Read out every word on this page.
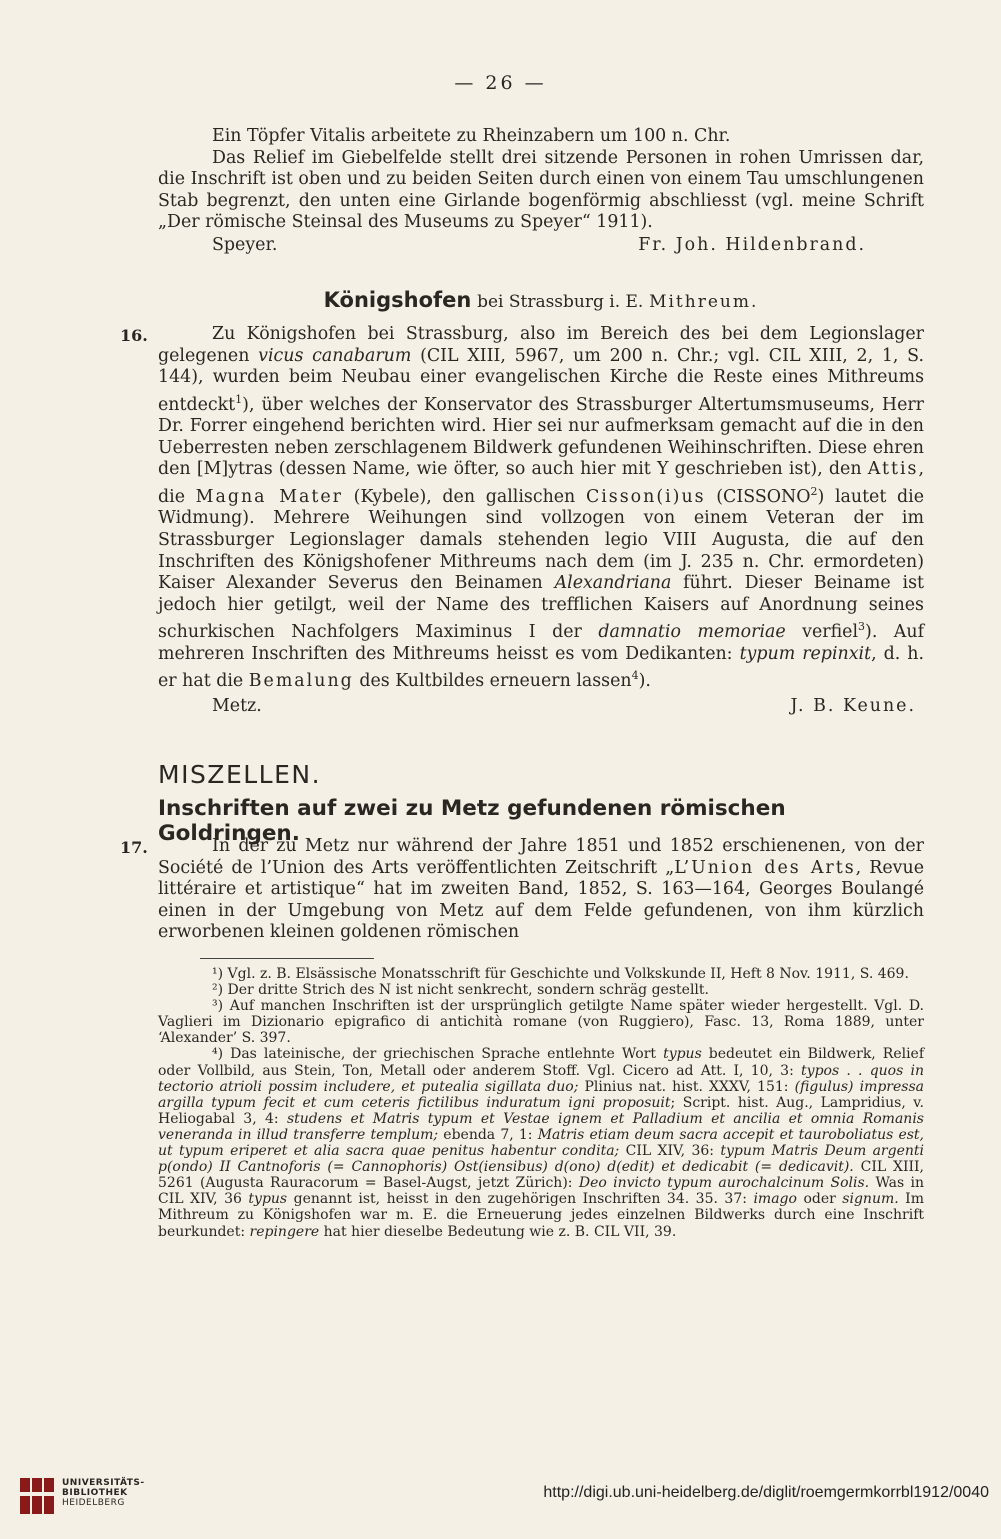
— 26 —

Ein Töpfer Vitalis arbeitete zu Rheinzabern um 100 n. Chr.

Das Relief im Giebelfelde stellt drei sitzende Personen in rohen Umrissen dar, die Inschrift ist oben und zu beiden Seiten durch einen von einem Tau umschlungenen Stab begrenzt, den unten eine Girlande bogenförmig abschliesst (vgl. meine Schrift „Der römische Steinsal des Museums zu Speyer“ 1911).

Speyer.	Fr. Joh. Hildenbrand.

Königshofen bei Strassburg i. E. Mithreum.

16.	Zu Königshofen bei Strassburg, also im Bereich des bei dem Legionslager gelegenen vicus canabarum (CIL XIII, 5967, um 200 n. Chr.; vgl. CIL XIII, 2, 1, S. 144), wurden beim Neubau einer evangelischen Kirche die Reste eines Mithreums entdeckt$^1$), über welches der Konservator des Strassburger Altertumsmuseums, Herr Dr. Forrer eingehend berichten wird. Hier sei nur aufmerksam gemacht auf die in den Ueberresten neben zerschlagenem Bildwerk gefundenen Weihinschriften. Diese ehren den [M]ytras (dessen Name, wie öfter, so auch hier mit Y geschrieben ist), den Attis, die Magna Mater (Kybele), den gallischen Cisson(i)us (CISSONO$^2$) lautet die Widmung). Mehrere Weihungen sind vollzogen von einem Veteran der im Strassburger Legionslager damals stehenden legio VIII Augusta, die auf den Inschriften des Königshofener Mithreums nach dem (im J. 235 n. Chr. ermordeten) Kaiser Alexander Severus den Beinamen Alexandriana führt. Dieser Beiname ist jedoch hier getilgt, weil der Name des trefflichen Kaisers auf Anordnung seines schurkischen Nachfolgers Maximinus I der damnatio memoriae verfiel$^3$). Auf mehreren Inschriften des Mithreums heisst es vom Dedikanten: typum repinxit, d. h. er hat die Bemalung des Kultbildes erneuern lassen$^4$).

Metz.	J. B. Keune.
MISZELLEN.
Inschriften auf zwei zu Metz gefundenen römischen Goldringen.
17.	In der zu Metz nur während der Jahre 1851 und 1852 erschienenen, von der Société de l’Union des Arts veröffentlichten Zeitschrift „L’Union des Arts, Revue littéraire et artistique“ hat im zweiten Band, 1852, S. 163—164, Georges Boulangé einen in der Umgebung von Metz auf dem Felde gefundenen, von ihm kürzlich erworbenen kleinen goldenen römischen

¹) Vgl. z. B. Elsässische Monatsschrift für Geschichte und Volkskunde II, Heft 8 Nov. 1911, S. 469.

²) Der dritte Strich des N ist nicht senkrecht, sondern schräg gestellt.

³) Auf manchen Inschriften ist der ursprünglich getilgte Name später wieder hergestellt. Vgl. D. Vaglieri im Dizionario epigrafico di antichità romane (von Ruggiero), Fasc. 13, Roma 1889, unter ‘Alexander’ S. 397.

⁴) Das lateinische, der griechischen Sprache entlehnte Wort typus bedeutet ein Bildwerk, Relief oder Vollbild, aus Stein, Ton, Metall oder anderem Stoff. Vgl. Cicero ad Att. I, 10, 3: typos . . quos in tectorio atrioli possim includere, et putealia sigillata duo; Plinius nat. hist. XXXV, 151: (figulus) impressa argilla typum fecit et cum ceteris fictilibus induratum igni proposuit; Script. hist. Aug., Lampridius, v. Heliogabal 3, 4: studens et Matris typum et Vestae ignem et Palladium et ancilia et omnia Romanis veneranda in illud transferre templum; ebenda 7, 1: Matris etiam deum sacra accepit et tauroboliatus est, ut typum eriperet et alia sacra quae penitus habentur condita; CIL XIV, 36: typum Matris Deum argenti p(ondo) II Cantnoforis (= Cannophoris) Ost(iensibus) d(ono) d(edit) et dedicabit (= dedicavit). CIL XIII, 5261 (Augusta Rauracorum = Basel-Augst, jetzt Zürich): Deo invicto typum aurochalcinum Solis. Was in CIL XIV, 36 typus genannt ist, heisst in den zugehörigen Inschriften 34. 35. 37: imago oder signum. Im Mithreum zu Königshofen war m. E. die Erneuerung jedes einzelnen Bildwerks durch eine Inschrift beurkundet: repingere hat hier dieselbe Bedeutung wie z. B. CIL VII, 39.

UNIVERSITÄTS-
BIBLIOTHEK
HEIDELBERG
http://digi.ub.uni-heidelberg.de/diglit/roemgermkorrbl1912/0040
